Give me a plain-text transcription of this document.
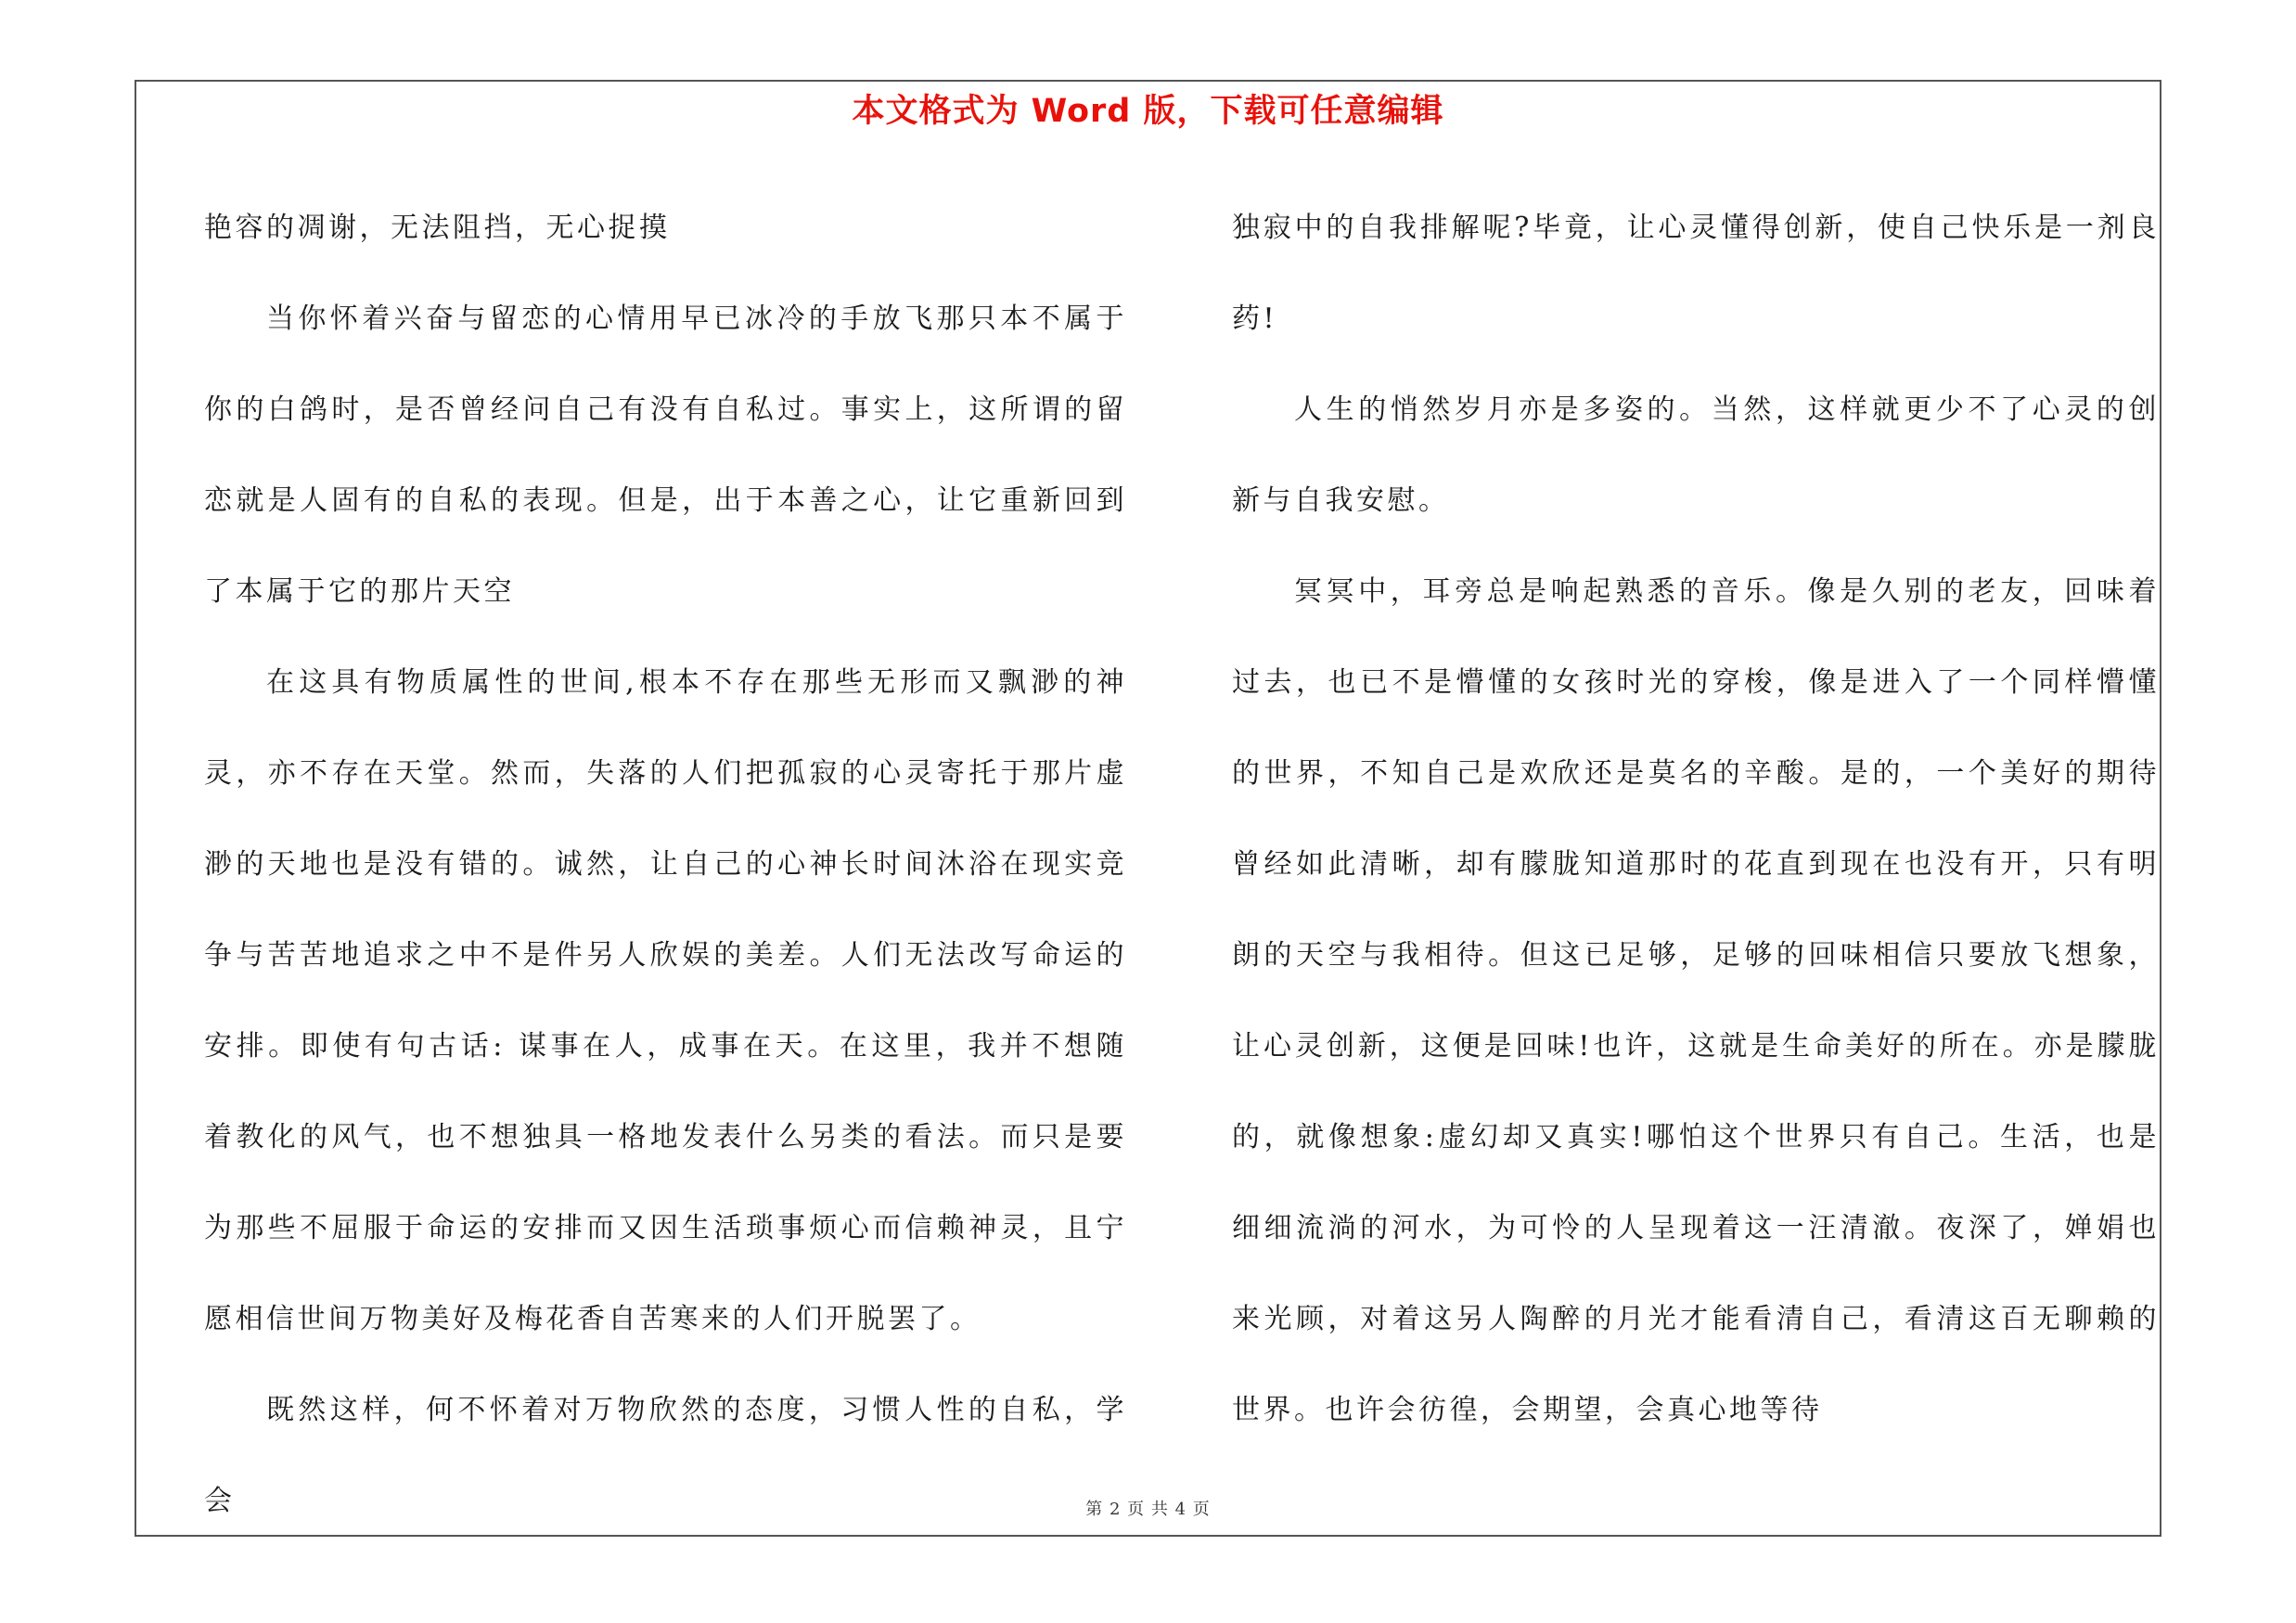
本文格式为 Word 版，下载可任意编辑

艳容的凋谢，无法阻挡，无心捉摸

当你怀着兴奋与留恋的心情用早已冰冷的手放飞那只本不属于你的白鸽时，是否曾经问自己有没有自私过。事实上，这所谓的留恋就是人固有的自私的表现。但是，出于本善之心，让它重新回到了本属于它的那片天空

在这具有物质属性的世间,根本不存在那些无形而又飘渺的神灵，亦不存在天堂。然而，失落的人们把孤寂的心灵寄托于那片虚渺的天地也是没有错的。诚然，让自己的心神长时间沐浴在现实竞争与苦苦地追求之中不是件另人欣娱的美差。人们无法改写命运的安排。即使有句古话: 谋事在人，成事在天。在这里，我并不想随着教化的风气，也不想独具一格地发表什么另类的看法。而只是要为那些不屈服于命运的安排而又因生活琐事烦心而信赖神灵，且宁愿相信世间万物美好及梅花香自苦寒来的人们开脱罢了。

既然这样，何不怀着对万物欣然的态度，习惯人性的自私，学会

独寂中的自我排解呢?毕竟，让心灵懂得创新，使自己快乐是一剂良药!

人生的悄然岁月亦是多姿的。当然，这样就更少不了心灵的创新与自我安慰。

冥冥中，耳旁总是响起熟悉的音乐。像是久别的老友，回味着过去，也已不是懵懂的女孩时光的穿梭，像是进入了一个同样懵懂的世界，不知自己是欢欣还是莫名的辛酸。是的，一个美好的期待曾经如此清晰，却有朦胧知道那时的花直到现在也没有开，只有明朗的天空与我相待。但这已足够，足够的回味相信只要放飞想象，让心灵创新，这便是回味!也许，这就是生命美好的所在。亦是朦胧的，就像想象:虚幻却又真实!哪怕这个世界只有自己。生活，也是细细流淌的河水，为可怜的人呈现着这一汪清澈。夜深了，婵娟也来光顾，对着这另人陶醉的月光才能看清自己，看清这百无聊赖的世界。也许会彷徨，会期望，会真心地等待

第 2 页 共 4 页
